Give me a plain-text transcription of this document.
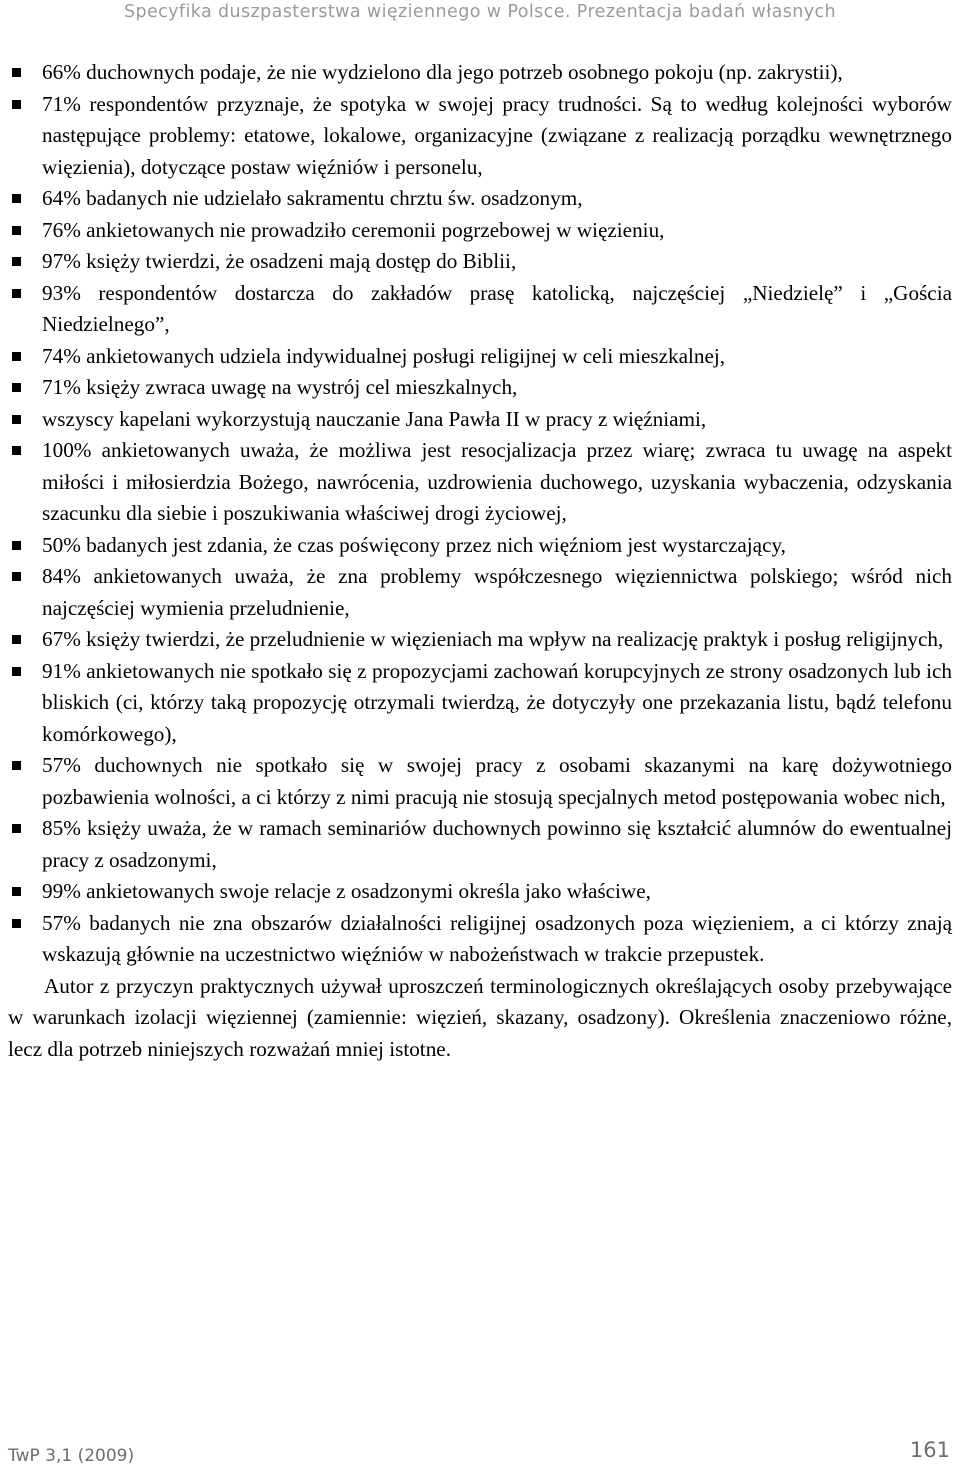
Specyfika duszpasterstwa więziennego w Polsce. Prezentacja badań własnych
66% duchownych podaje, że nie wydzielono dla jego potrzeb osobnego pokoju (np. zakrystii),
71% respondentów przyznaje, że spotyka w swojej pracy trudności. Są to według kolejności wyborów następujące problemy: etatowe, lokalowe, organizacyjne (związane z realizacją porządku wewnętrznego więzienia), dotyczące postaw więźniów i personelu,
64% badanych nie udzielało sakramentu chrztu św. osadzonym,
76% ankietowanych nie prowadziło ceremonii pogrzebowej w więzieniu,
97% księży twierdzi, że osadzeni mają dostęp do Biblii,
93% respondentów dostarcza do zakładów prasę katolicką, najczęściej „Niedzielę” i „Gościa Niedzielnego”,
74% ankietowanych udziela indywidualnej posługi religijnej w celi mieszkalnej,
71% księży zwraca uwagę na wystrój cel mieszkalnych,
wszyscy kapelani wykorzystują nauczanie Jana Pawła II w pracy z więźniami,
100% ankietowanych uważa, że możliwa jest resocjalizacja przez wiarę; zwraca tu uwagę na aspekt miłości i miłosierdzia Bożego, nawrócenia, uzdrowienia duchowego, uzyskania wybaczenia, odzyskania szacunku dla siebie i poszukiwania właściwej drogi życiowej,
50% badanych jest zdania, że czas poświęcony przez nich więźniom jest wystarczający,
84% ankietowanych uważa, że zna problemy współczesnego więziennictwa polskiego; wśród nich najczęściej wymienia przeludnienie,
67% księży twierdzi, że przeludnienie w więzieniach ma wpływ na realizację praktyk i posług religijnych,
91% ankietowanych nie spotkało się z propozycjami zachowań korupcyjnych ze strony osadzonych lub ich bliskich (ci, którzy taką propozycję otrzymali twierdzą, że dotyczyły one przekazania listu, bądź telefonu komórkowego),
57% duchownych nie spotkało się w swojej pracy z osobami skazanymi na karę dożywotniego pozbawienia wolności, a ci którzy z nimi pracują nie stosują specjalnych metod postępowania wobec nich,
85% księży uważa, że w ramach seminariów duchownych powinno się kształcić alumnów do ewentualnej pracy z osadzonymi,
99% ankietowanych swoje relacje z osadzonymi określa jako właściwe,
57% badanych nie zna obszarów działalności religijnej osadzonych poza więzieniem, a ci którzy znają wskazują głównie na uczestnictwo więźniów w nabożeństwach w trakcie przepustek.

Autor z przyczyn praktycznych używał uproszczeń terminologicznych określających osoby przebywające w warunkach izolacji więziennej (zamiennie: więzień, skazany, osadzony). Określenia znaczeniowo różne, lecz dla potrzeb niniejszych rozważań mniej istotne.

TwP 3,1 (2009)	161
